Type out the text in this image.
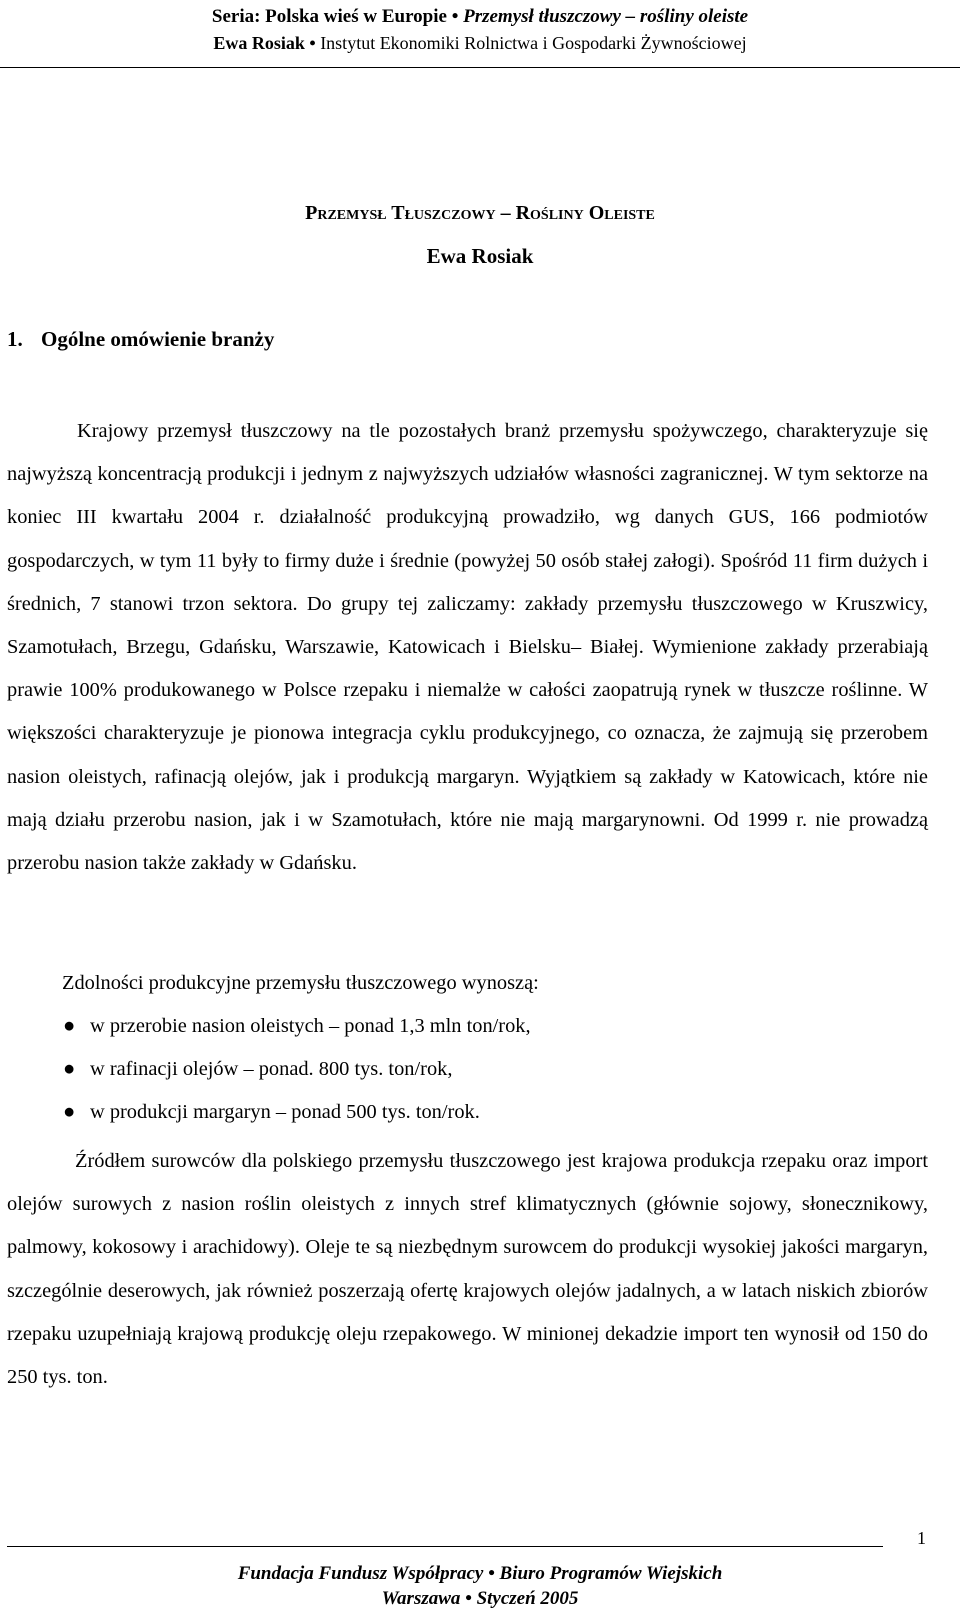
Seria: Polska wieś w Europie • Przemysł tłuszczowy – rośliny oleiste
Ewa Rosiak • Instytut Ekonomiki Rolnictwa i Gospodarki Żywnościowej
Przemysł Tłuszczowy – Rośliny Oleiste
Ewa Rosiak
1. Ogólne omówienie branży

Krajowy przemysł tłuszczowy na tle pozostałych branż przemysłu spożywczego, charakteryzuje się najwyższą koncentracją produkcji i jednym z najwyższych udziałów własności zagranicznej. W tym sektorze na koniec III kwartału 2004 r. działalność produkcyjną prowadziło, wg danych GUS, 166 podmiotów gospodarczych, w tym 11 były to firmy duże i średnie (powyżej 50 osób stałej załogi). Spośród 11 firm dużych i średnich, 7 stanowi trzon sektora. Do grupy tej zaliczamy: zakłady przemysłu tłuszczowego w Kruszwicy, Szamotułach, Brzegu, Gdańsku, Warszawie, Katowicach i Bielsku– Białej. Wymienione zakłady przerabiają prawie 100% produkowanego w Polsce rzepaku i niemalże w całości zaopatrują rynek w tłuszcze roślinne. W większości charakteryzuje je pionowa integracja cyklu produkcyjnego, co oznacza, że zajmują się przerobem nasion oleistych, rafinacją olejów, jak i produkcją margaryn. Wyjątkiem są zakłady w Katowicach, które nie mają działu przerobu nasion, jak i w Szamotułach, które nie mają margarynowni. Od 1999 r. nie prowadzą przerobu nasion także zakłady w Gdańsku.

Zdolności produkcyjne przemysłu tłuszczowego wynoszą:

● w przerobie nasion oleistych – ponad 1,3 mln ton/rok,
● w rafinacji olejów – ponad. 800 tys. ton/rok,
● w produkcji margaryn – ponad 500 tys. ton/rok.

Źródłem surowców dla polskiego przemysłu tłuszczowego jest krajowa produkcja rzepaku oraz import olejów surowych z nasion roślin oleistych z innych stref klimatycznych (głównie sojowy, słonecznikowy, palmowy, kokosowy i arachidowy). Oleje te są niezbędnym surowcem do produkcji wysokiej jakości margaryn, szczególnie deserowych, jak również poszerzają ofertę krajowych olejów jadalnych, a w latach niskich zbiorów rzepaku uzupełniają krajową produkcję oleju rzepakowego. W minionej dekadzie import ten wynosił od 150 do 250 tys. ton.

1
Fundacja Fundusz Współpracy • Biuro Programów Wiejskich
Warszawa • Styczeń 2005
